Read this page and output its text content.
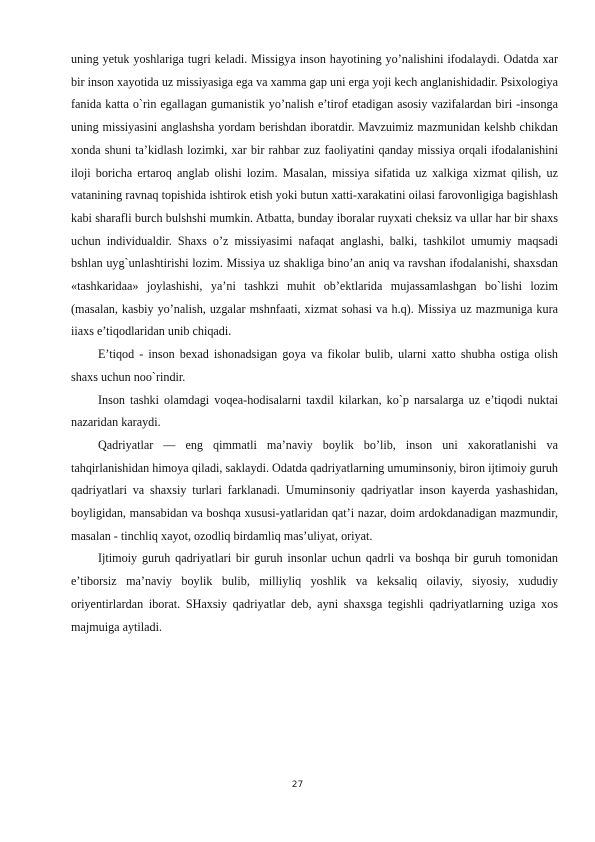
uning yetuk yoshlariga tugri keladi. Missigya inson hayotining yo’nalishini ifodalaydi. Odatda xar bir inson xayotida uz missiyasiga ega va xamma gap uni erga yoji kech anglanishidadir. Psixologiya fanida katta o`rin egallagan gumanistik yo’nalish e’tirof etadigan asosiy vazifalardan biri -insonga uning missiyasini anglashsha yordam berishdan iboratdir. Mavzuimiz mazmunidan kelshb chikdan xonda shuni ta’kidlash lozimki, xar bir rahbar zuz faoliyatini qanday missiya orqali ifodalanishini iloji boricha ertaroq anglab olishi lozim. Masalan, missiya sifatida uz xalkiga xizmat qilish, uz vatanining ravnaq topishida ishtirok etish yoki butun xatti-xarakatini oilasi farovonligiga bagishlash kabi sharafli burch bulshshi mumkin. Atbatta, bunday iboralar ruyxati cheksiz va ullar har bir shaxs uchun individualdir. Shaxs o’z missiyasimi nafaqat anglashi, balki, tashkilot umumiy maqsadi bshlan uyg`unlashtirishi lozim. Missiya uz shakliga bino’an aniq va ravshan ifodalanishi, shaxsdan «tashkaridaa» joylashishi, ya’ni tashkzi muhit ob’ektlarida mujassamlashgan bo`lishi lozim (masalan, kasbiy yo’nalish, uzgalar mshnfaati, xizmat sohasi va h.q). Missiya uz mazmuniga kura iiaxs e’tiqodlaridan unib chiqadi.

E’tiqod - inson bexad ishonadsigan goya va fikolar bulib, ularni xatto shubha ostiga olish shaxs uchun noo`rindir.

Inson tashki olamdagi voqea-hodisalarni taxdil kilarkan, ko`p narsalarga uz e’tiqodi nuktai nazaridan karaydi.

Qadriyatlar — eng qimmatli ma’naviy boylik bo’lib, inson uni xakoratlanishi va tahqirlanishidan himoya qiladi, saklaydi. Odatda qadriyatlarning umuminsoniy, biron ijtimoiy guruh qadriyatlari va shaxsiy turlari farklanadi. Umuminsoniy qadriyatlar inson kayerda yashashidan, boyligidan, mansabidan va boshqa xususi-yatlaridan qat’i nazar, doim ardokdanadigan mazmundir, masalan - tinchliq xayot, ozodliq birdamliq mas’uliyat, oriyat.

Ijtimoiy guruh qadriyatlari bir guruh insonlar uchun qadrli va boshqa bir guruh tomonidan e’tiborsiz ma’naviy boylik bulib, milliyliq yoshlik va keksaliq oilaviy, siyosiy, xududiy oriyentirlardan iborat. SHaxsiy qadriyatlar deb, ayni shaxsga tegishli qadriyatlarning uziga xos majmuiga aytiladi.

27
